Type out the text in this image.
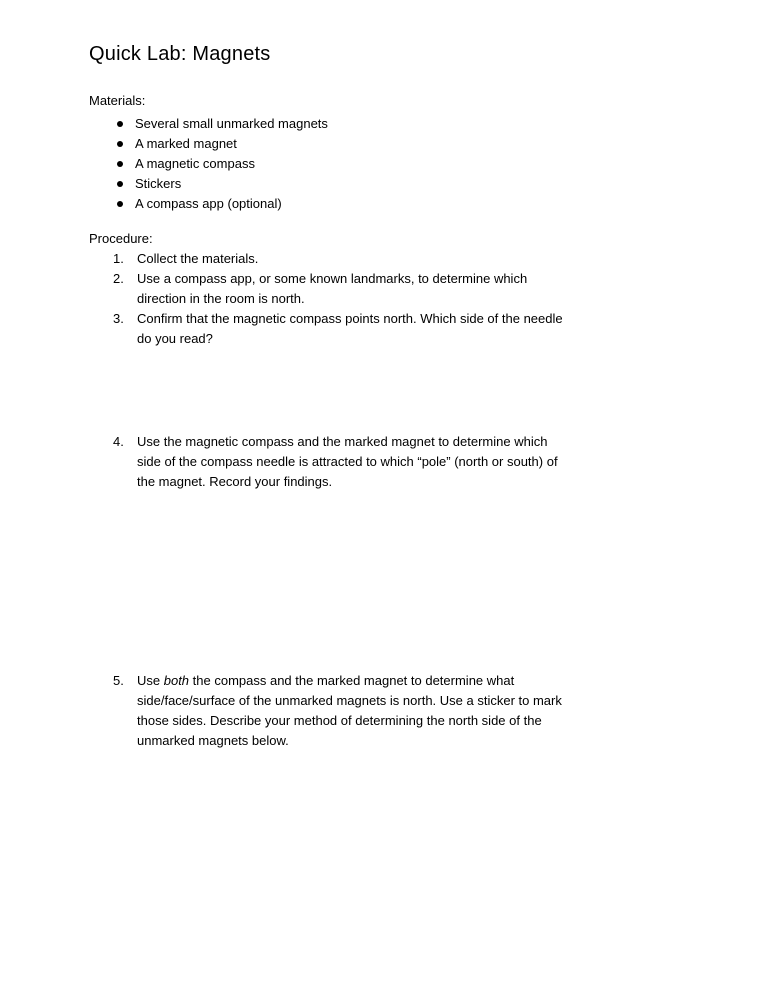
Quick Lab: Magnets
Materials:
Several small unmarked magnets
A marked magnet
A magnetic compass
Stickers
A compass app (optional)
Procedure:
1. Collect the materials.
2. Use a compass app, or some known landmarks, to determine which direction in the room is north.
3. Confirm that the magnetic compass points north. Which side of the needle do you read?
4. Use the magnetic compass and the marked magnet to determine which side of the compass needle is attracted to which “pole” (north or south) of the magnet. Record your findings.
5. Use both the compass and the marked magnet to determine what side/face/surface of the unmarked magnets is north. Use a sticker to mark those sides. Describe your method of determining the north side of the unmarked magnets below.
